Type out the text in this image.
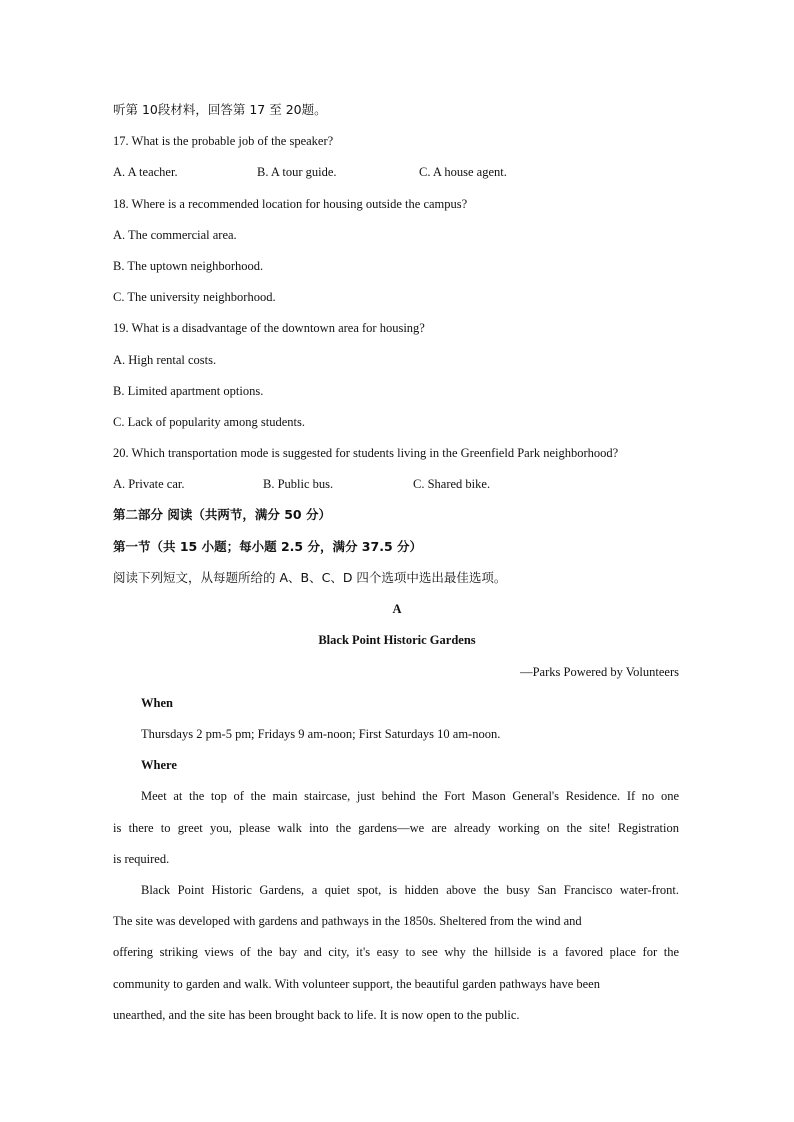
听第 10段材料，回答第 17 至 20题。
17. What is the probable job of the speaker?
A. A teacher.	B. A tour guide.	C. A house agent.
18. Where is a recommended location for housing outside the campus?
A. The commercial area.
B. The uptown neighborhood.
C. The university neighborhood.
19. What is a disadvantage of the downtown area for housing?
A. High rental costs.
B. Limited apartment options.
C. Lack of popularity among students.
20. Which transportation mode is suggested for students living in the Greenfield Park neighborhood?
A. Private car.	B. Public bus.	C. Shared bike.
第二部分 阅读（共两节，满分 50 分）
第一节（共 15 小题；每小题 2.5 分，满分 37.5 分）
阅读下列短文，从每题所给的 A、B、C、D 四个选项中选出最佳选项。
A
Black Point Historic Gardens
—Parks Powered by Volunteers
When
Thursdays 2 pm-5 pm; Fridays 9 am-noon; First Saturdays 10 am-noon.
Where
Meet at the top of the main staircase, just behind the Fort Mason General's Residence. If no one
is there to greet you, please walk into the gardens—we are already working on the site! Registration
is required.
Black Point Historic Gardens, a quiet spot, is hidden above the busy San Francisco water-front.
The site was developed with gardens and pathways in the 1850s. Sheltered from the wind and
offering striking views of the bay and city, it's easy to see why the hillside is a favored place for the
community to garden and walk. With volunteer support, the beautiful garden pathways have been
unearthed, and the site has been brought back to life. It is now open to the public.
